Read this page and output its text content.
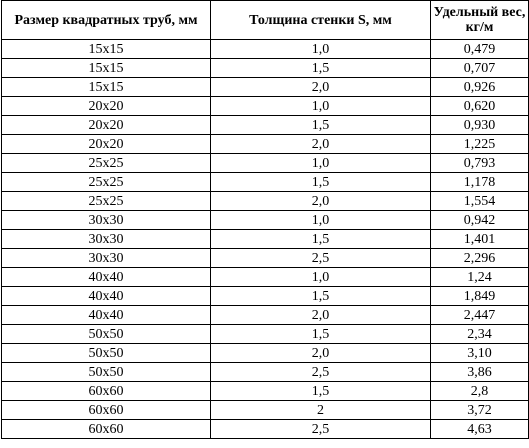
Размер квадратных труб, мм	Толщина стенки S, мм	Удельный вес, кг/м
15x15	1,0	0,479
15x15	1,5	0,707
15x15	2,0	0,926
20x20	1,0	0,620
20x20	1,5	0,930
20x20	2,0	1,225
25x25	1,0	0,793
25x25	1,5	1,178
25x25	2,0	1,554
30x30	1,0	0,942
30x30	1,5	1,401
30x30	2,5	2,296
40x40	1,0	1,24
40x40	1,5	1,849
40x40	2,0	2,447
50x50	1,5	2,34
50x50	2,0	3,10
50x50	2,5	3,86
60x60	1,5	2,8
60x60	2	3,72
60x60	2,5	4,63
